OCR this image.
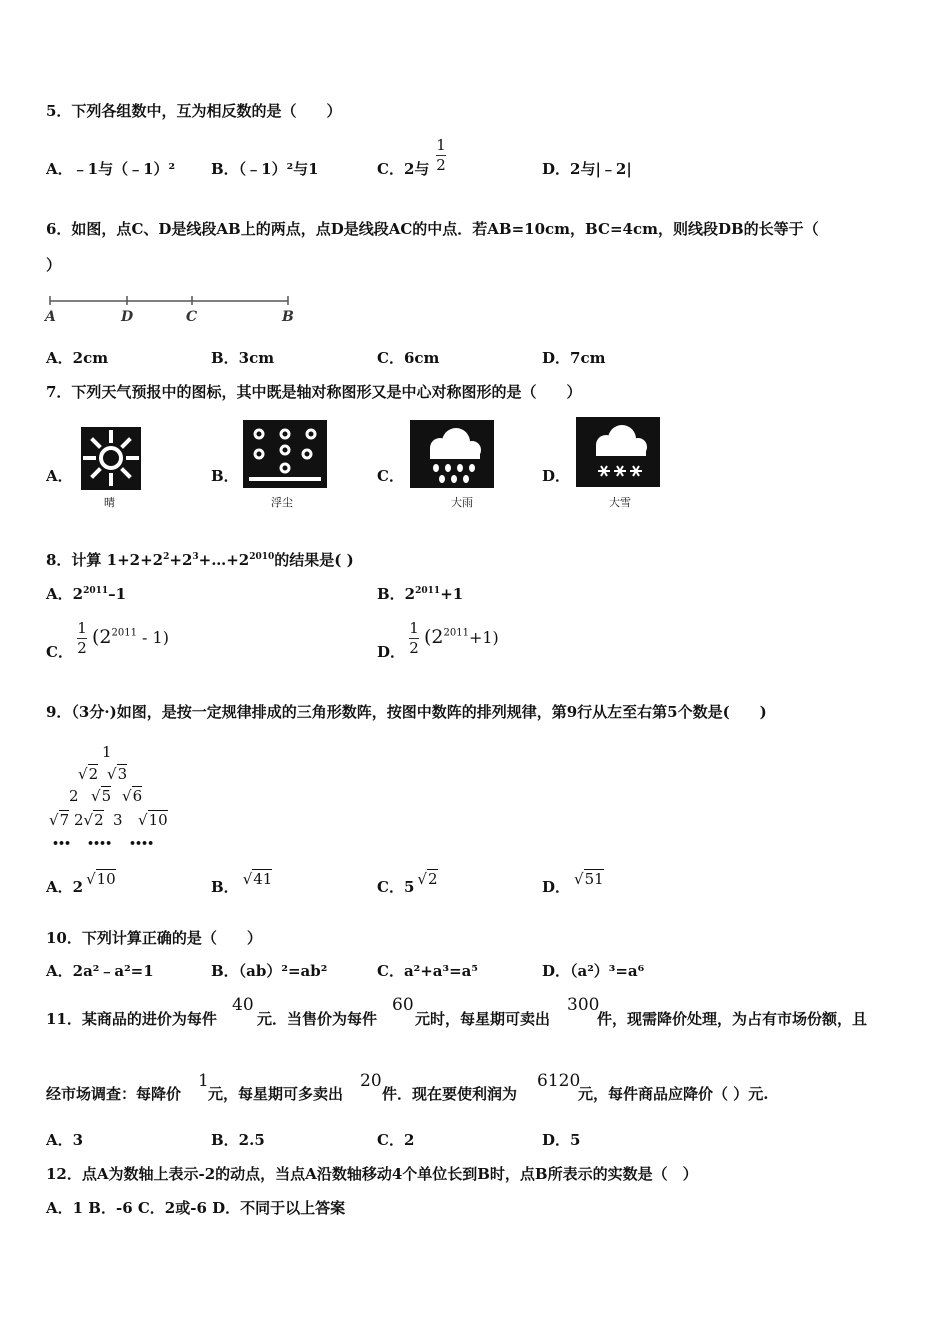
5．下列各组数中，互为相反数的是（　　）
A．﹣1与（﹣1）² B．（﹣1）²与1	C．2与
1
2	D．2与|﹣2|
6．如图，点C、D是线段AB上的两点，点D是线段AC的中点．若AB=10cm，BC=4cm，则线段DB的长等于（
）
A	D	C	B
A．2cm	B．3cm	C．6cm	D．7cm
7．下列天气预报中的图标，其中既是轴对称图形又是中心对称图形的是（　　）
A．	B．	C．	D．
晴	浮尘	大雨	大雪
8．计算 $1+2+2^2+2^3+\dots+2^{2010}$的结果是( )
A．$2^{2011}-1$	B．$2^{2011}+1$
C．
1
2 $(2^{2011} - 1)$
D．
1
2 $(2^{2011}+1)$
9．（3分·)如图，是按一定规律排成的三角形数阵，按图中数阵的排列规律，第9行从左至右第5个数是(　　)
1
√2 √3
2 √5 √6
√7 2√2 3 √10
••• •••• ••••
A．2 √10	B． √41	C．5 √2	D． √51
10．下列计算正确的是（　　）
A．2a²﹣a²=1	B．（ab）²=ab²	C．a²+a³=a⁵	D．（a²）³=a⁶
11．某商品的进价为每件
40
元．当售价为每件
60
元时，每星期可卖出
300
件，现需降价处理，为占有市场份额，且
经市场调查：每降价
1
元，每星期可多卖出
20
件．现在要使利润为
6120
元，每件商品应降价（ ）元.
A．3	B．2.5	C．2	D．5
12．点A为数轴上表示-2的动点，当点A沿数轴移动4个单位长到B时，点B所表示的实数是（　）
A．1 B．-6 C．2或-6 D．不同于以上答案
